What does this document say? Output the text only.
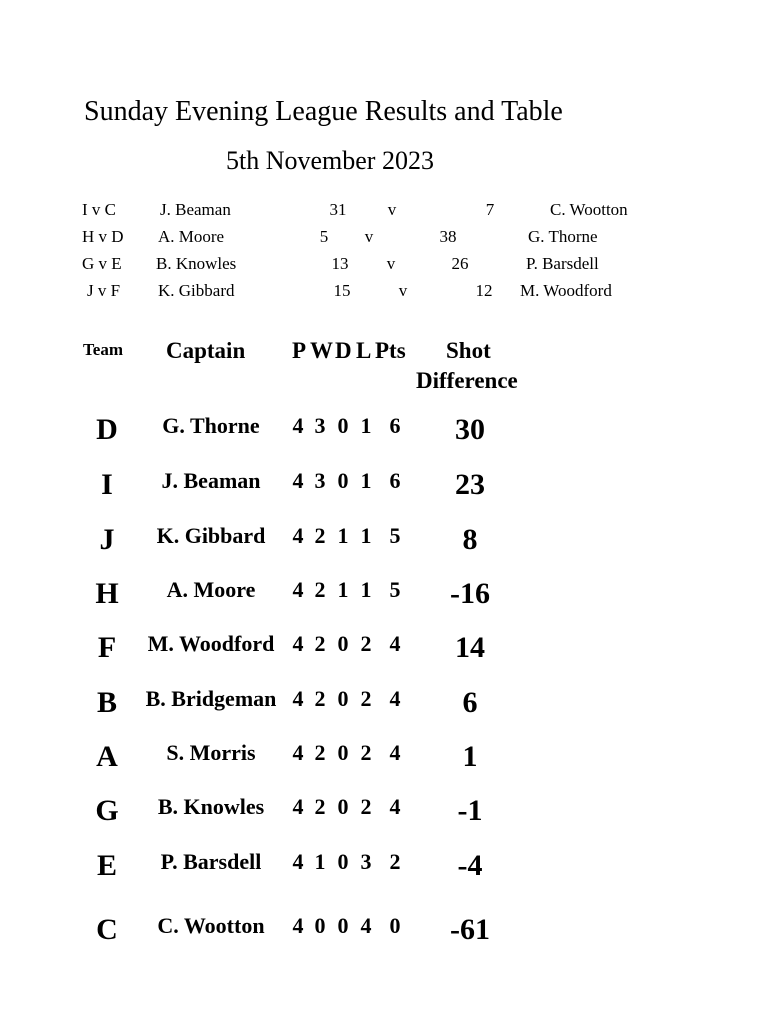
Sunday Evening League Results and Table
5th November 2023
I v C	J. Beaman	31	v	7	C. Wootton
H v D	A. Moore	5	v	38	G. Thorne
G v E	B. Knowles	13	v	26	P. Barsdell
J v F	K. Gibbard	15	v	12	M. Woodford
Team Captain P W D L Pts Shot
Difference
D	G. Thorne	4 3 0 1 6	30
I	J. Beaman	4 3 0 1 6	23
J	K. Gibbard	4 2 1 1 5	8
H	A. Moore	4 2 1 1 5	-16
F	M. Woodford 4 2 0 2 4	14
B	B. Bridgeman 4 2 0 2 4	6
A	S. Morris	4 2 0 2 4	1
G	B. Knowles	4 2 0 2 4	-1
E	P. Barsdell	4 1 0 3 2	-4
C	C. Wootton	4 0 0 4 0	-61
